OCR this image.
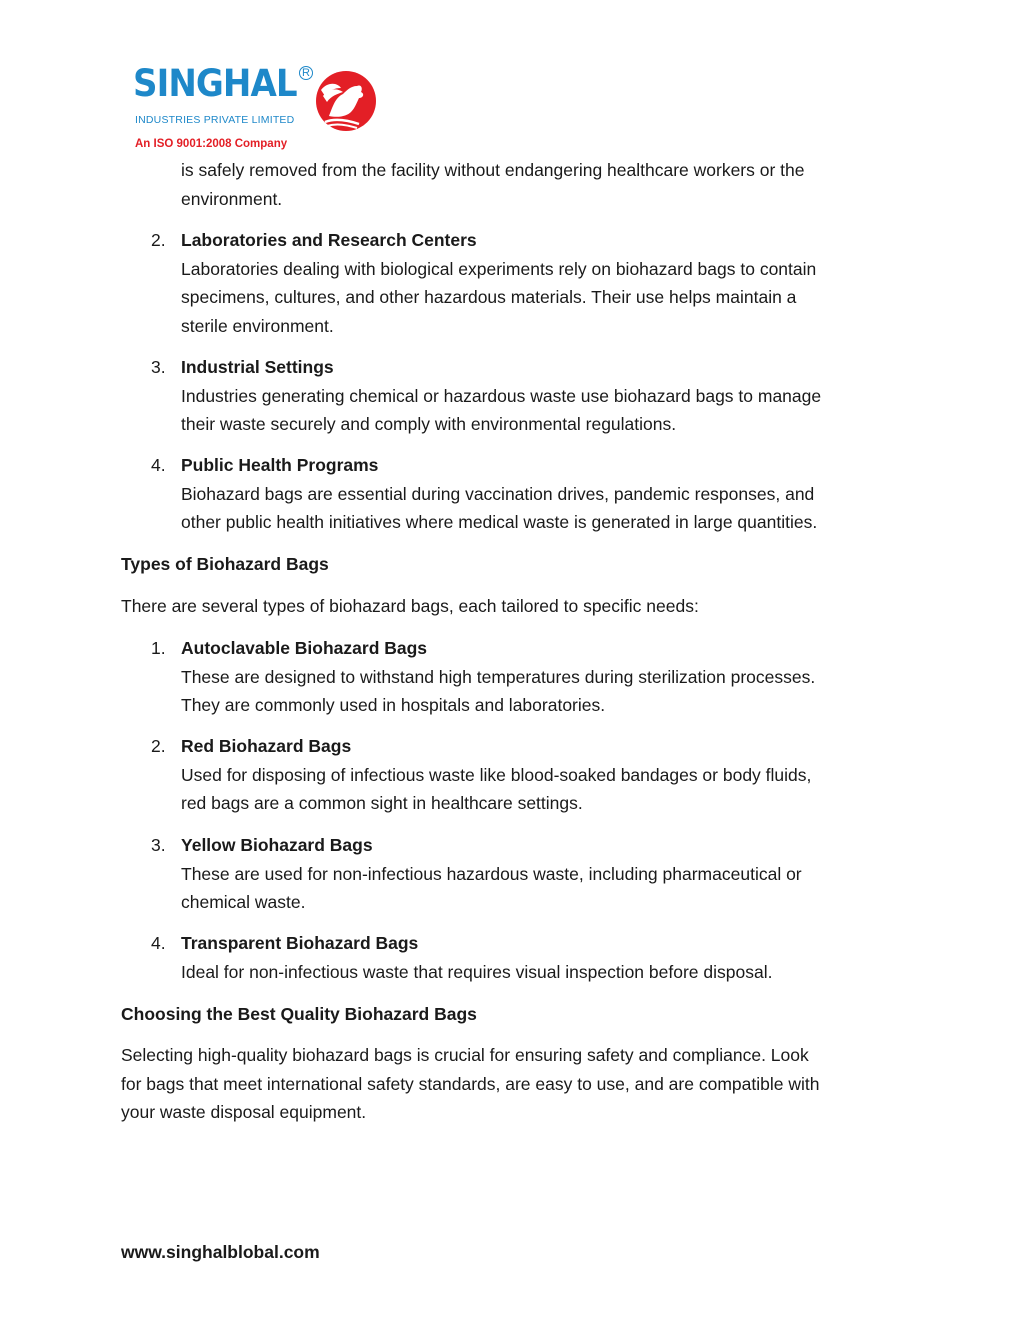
SINGHAL R
INDUSTRIES PRIVATE LIMITED
An ISO 9001:2008 Company
is safely removed from the facility without endangering healthcare workers or the
environment.
2. Laboratories and Research Centers
Laboratories dealing with biological experiments rely on biohazard bags to contain
specimens, cultures, and other hazardous materials. Their use helps maintain a
sterile environment.
3. Industrial Settings
Industries generating chemical or hazardous waste use biohazard bags to manage
their waste securely and comply with environmental regulations.
4. Public Health Programs
Biohazard bags are essential during vaccination drives, pandemic responses, and
other public health initiatives where medical waste is generated in large quantities.
Types of Biohazard Bags
There are several types of biohazard bags, each tailored to specific needs:
1. Autoclavable Biohazard Bags
These are designed to withstand high temperatures during sterilization processes.
They are commonly used in hospitals and laboratories.
2. Red Biohazard Bags
Used for disposing of infectious waste like blood-soaked bandages or body fluids,
red bags are a common sight in healthcare settings.
3. Yellow Biohazard Bags
These are used for non-infectious hazardous waste, including pharmaceutical or
chemical waste.
4. Transparent Biohazard Bags
Ideal for non-infectious waste that requires visual inspection before disposal.
Choosing the Best Quality Biohazard Bags
Selecting high-quality biohazard bags is crucial for ensuring safety and compliance. Look
for bags that meet international safety standards, are easy to use, and are compatible with
your waste disposal equipment.
www.singhalblobal.com
